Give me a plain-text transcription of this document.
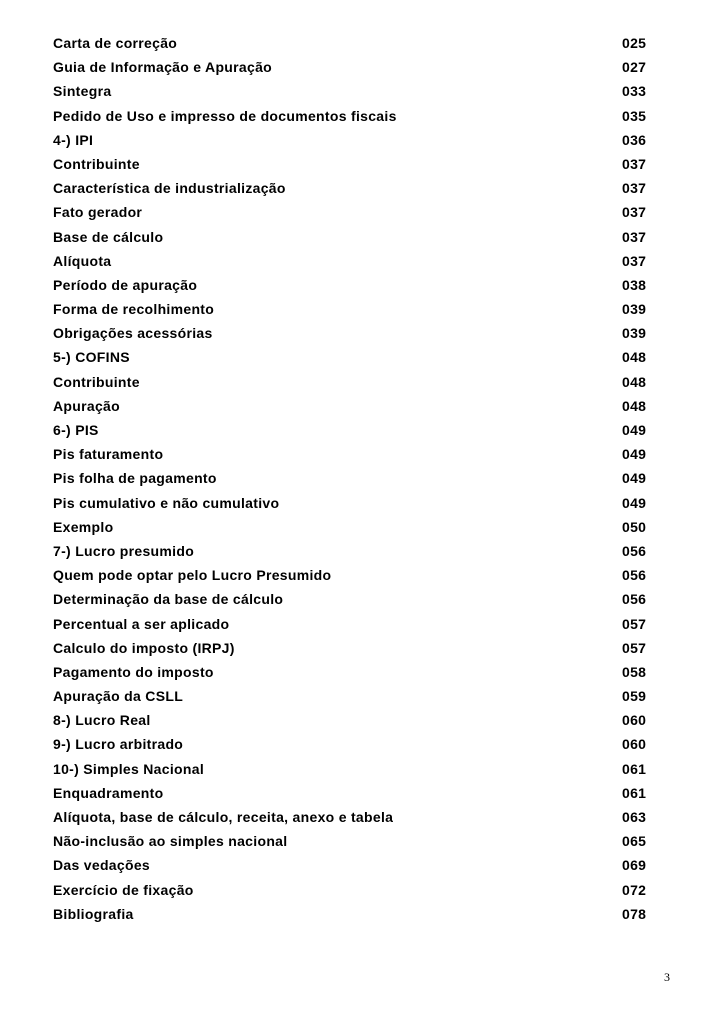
Carta de correção	025
Guia de Informação e Apuração	027
Sintegra	033
Pedido de Uso e impresso de documentos fiscais	035
4-) IPI	036
Contribuinte	037
Característica de industrialização	037
Fato gerador	037
Base de cálculo	037
Alíquota	037
Período de apuração	038
Forma de recolhimento	039
Obrigações acessórias	039
5-) COFINS	048
Contribuinte	048
Apuração	048
6-) PIS	049
Pis faturamento	049
Pis folha de pagamento	049
Pis cumulativo e não cumulativo	049
Exemplo	050
7-) Lucro presumido	056
Quem pode optar pelo Lucro Presumido	056
Determinação da base de cálculo	056
Percentual a ser aplicado	057
Calculo do imposto (IRPJ)	057
Pagamento do imposto	058
Apuração da CSLL	059
8-) Lucro Real	060
9-) Lucro arbitrado	060
10-) Simples Nacional	061
Enquadramento	061
Alíquota, base de cálculo, receita, anexo e tabela	063
Não-inclusão ao simples nacional	065
Das vedações	069
Exercício de fixação	072
Bibliografia	078
3
